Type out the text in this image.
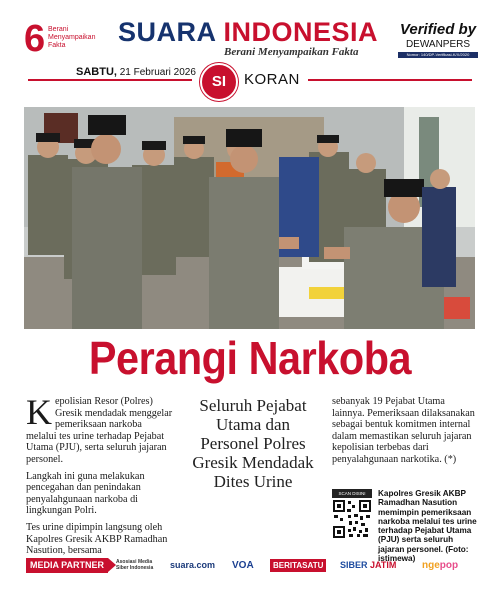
6 Berani Menyampaikan Fakta	SUARA INDONESIA
Berani Menyampaikan Fakta
Verified by
DEWANPERS
Nomor: 140/DP-Verifikasi-K/X/2020
SABTU, 21 Februari 2026
SI	KORAN
Perangi Narkoba

Kepolisian Resor (Polres) Gresik mendadak menggelar pemeriksaan narkoba melalui tes urine terhadap Pejabat Utama (PJU), serta seluruh jajaran personel.

Langkah ini guna melakukan pencegahan dan penindakan penyalahgunaan narkoba di lingkungan Polri.

Tes urine dipimpin langsung oleh Kapolres Gresik AKBP Ramadhan Nasution, bersama

Seluruh Pejabat Utama dan Personel Polres Gresik Mendadak Dites Urine

sebanyak 19 Pejabat Utama lainnya. Pemeriksaan dilaksanakan sebagai bentuk komitmen internal dalam memastikan seluruh jajaran kepolisian terbebas dari penyalahgunaan narkotika. (*)

SCAN DISINI	Kapolres Gresik AKBP Ramadhan Nasution memimpin pemeriksaan narkoba melalui tes urine terhadap Pejabat Utama (PJU) serta seluruh jajaran personel. (Foto: istimewa)
MEDIA PARTNER	Asosiasi Media Siber Indonesia	suara.com VOA	BERITASATU	SIBER JATIM	ngepop
